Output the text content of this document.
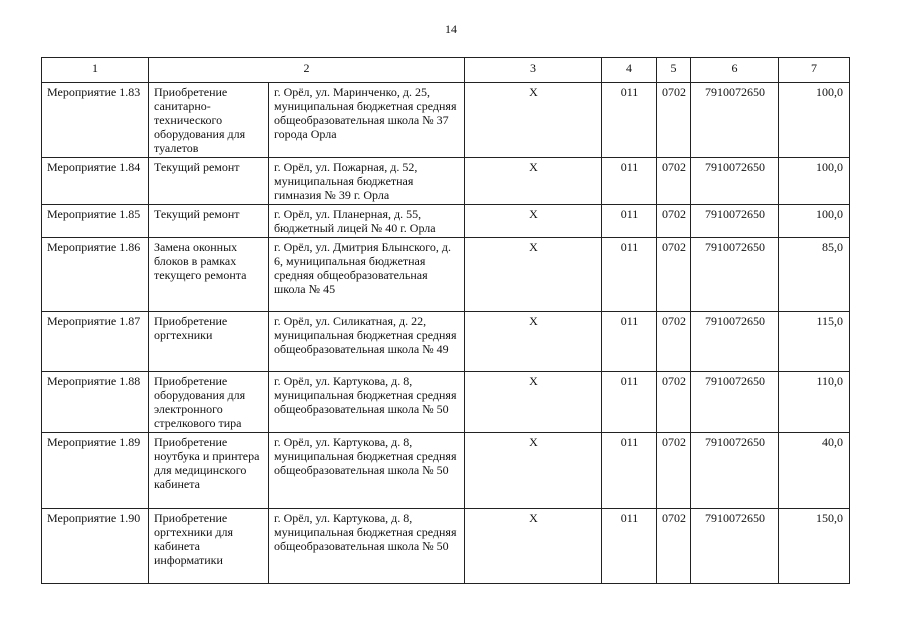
14
1	2		3	4	5	6	7
Мероприятие 1.83	Приобретение санитарно-технического оборудования для туалетов	г. Орёл, ул. Маринченко, д. 25, муниципальная бюджетная средняя общеобразовательная школа № 37 города Орла	X	011	0702	7910072650	100,0
Мероприятие 1.84	Текущий ремонт	г. Орёл, ул. Пожарная, д. 52, муниципальная бюджетная гимназия № 39 г. Орла	X	011	0702	7910072650	100,0
Мероприятие 1.85	Текущий ремонт	г. Орёл, ул. Планерная, д. 55, бюджетный лицей № 40 г. Орла	X	011	0702	7910072650	100,0
Мероприятие 1.86	Замена оконных блоков в рамках текущего ремонта	г. Орёл, ул. Дмитрия Блынского, д. 6, муниципальная бюджетная средняя общеобразовательная школа № 45	X	011	0702	7910072650	85,0
Мероприятие 1.87	Приобретение оргтехники	г. Орёл, ул. Силикатная, д. 22, муниципальная бюджетная средняя общеобразовательная школа № 49	X	011	0702	7910072650	115,0
Мероприятие 1.88	Приобретение оборудования для электронного стрелкового тира	г. Орёл, ул. Картукова, д. 8, муниципальная бюджетная средняя общеобразовательная школа № 50	X	011	0702	7910072650	110,0
Мероприятие 1.89	Приобретение ноутбука и принтера для медицинского кабинета	г. Орёл, ул. Картукова, д. 8, муниципальная бюджетная средняя общеобразовательная школа № 50	X	011	0702	7910072650	40,0
Мероприятие 1.90	Приобретение оргтехники для кабинета информатики	г. Орёл, ул. Картукова, д. 8, муниципальная бюджетная средняя общеобразовательная школа № 50	X	011	0702	7910072650	150,0
